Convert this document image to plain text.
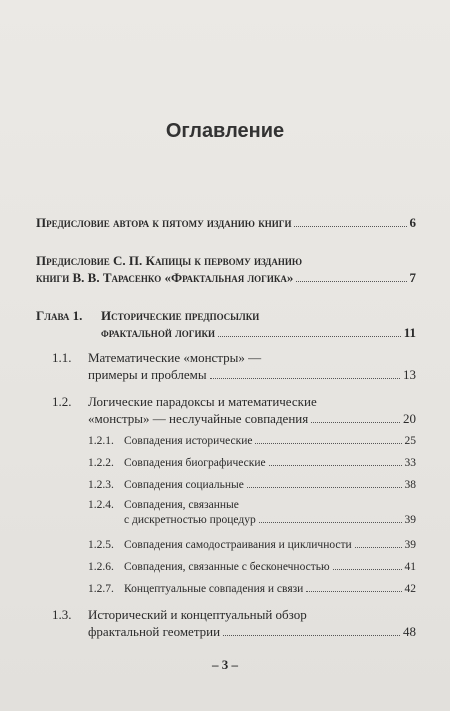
Оглавление
Предисловие автора к пятому изданию книги	6
Предисловие С. П. Капицы к первому изданию
книги В. В. Тарасенко «Фрактальная логика»	7
Глава 1. Исторические предпосылки
фрактальной логики	11
1.1. Математические «монстры» —
примеры и проблемы	13
1.2. Логические парадоксы и математические
«монстры» — неслучайные совпадения	20
1.2.1. Совпадения исторические	25
1.2.2. Совпадения биографические	33
1.2.3. Совпадения социальные	38
1.2.4. Совпадения, связанные
с дискретностью процедур	39
1.2.5. Совпадения самодостраивания и цикличности	39
1.2.6. Совпадения, связанные с бесконечностью	41
1.2.7. Концептуальные совпадения и связи	42
1.3. Исторический и концептуальный обзор
фрактальной геометрии	48
– 3 –
